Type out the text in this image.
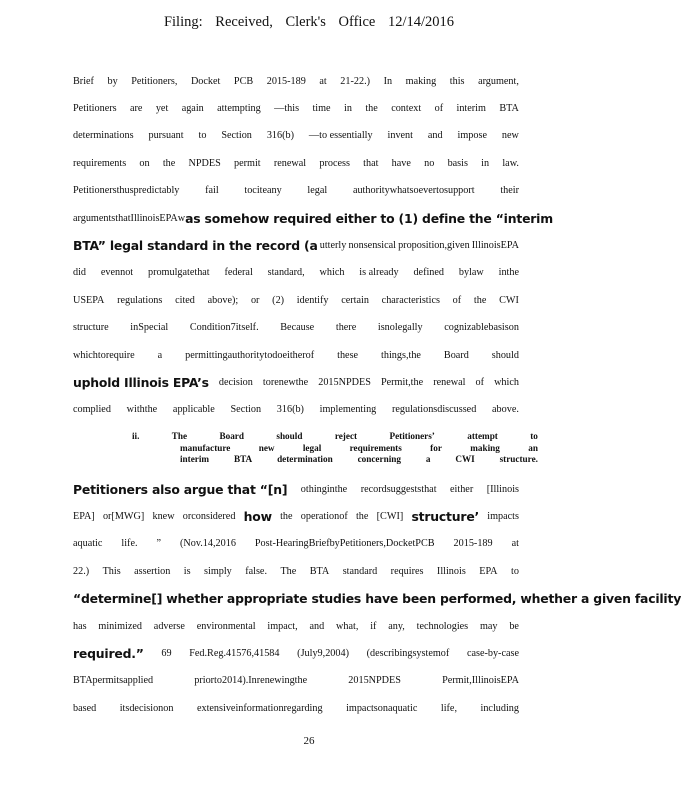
Filing: Received, Clerk's Office 12/14/2016
Brief by Petitioners, Docket PCB 2015-189 at 21-22.) In making this argument,
Petitioners are yet again attempting —this time in the context of interim BTA
determinations pursuant to Section 316(b) —to essentially invent and impose new
requirements on the NPDES permit renewal process that have no basis in law.
Petitionersthuspredictably	fail	tociteany	legal	authoritywhatsoevertosupport	their
arguments that Illinois EPA w as somehow required either to (1) define the “interim
BTA” legal standard in the record (a utterly nonsensical proposition,given IllinoisEPA
did evennot promulgatethat federal standard, which is already defined bylaw inthe
USEPA regulations cited above); or (2) identify certain characteristics of the CWI
structure inSpecial Condition7itself. Because there isnolegally cognizablebasison
whichtorequire a permittingauthoritytodoeitherof these things,the Board should
uphold Illinois EPA’s decision torenewthe 2015NPDES Permit,the renewal of which
complied withthe applicable Section 316(b) implementing regulationsdiscussed above.
ii.	The	Board	should	reject	Petitioners’	attempt	to
manufacture	new	legal	requirements	for	making	an
interim	BTA	determination	concerning	a	CWI	structure.
Petitioners also argue that “[n] othinginthe recordsuggeststhat either [Illinois
EPA] or[MWG] knew orconsidered how the operationof the [CWI] structure’ impacts
aquatic life. ” (Nov.14,2016 Post-HearingBriefbyPetitioners,DocketPCB 2015-189 at
22.) This assertion is simply false. The BTA standard requires Illinois EPA to
“determine[] whether appropriate studies have been performed, whether a given facility
has minimized adverse environmental impact, and what, if any, technologies may be
required.” 69 Fed.Reg.41576,41584 (July9,2004) (describingsystemof case-by-case
BTApermitsapplied	priorto2014).Inrenewingthe	2015NPDES	Permit,IllinoisEPA
based itsdecisionon extensiveinformationregarding impactsonaquatic life, including
26
